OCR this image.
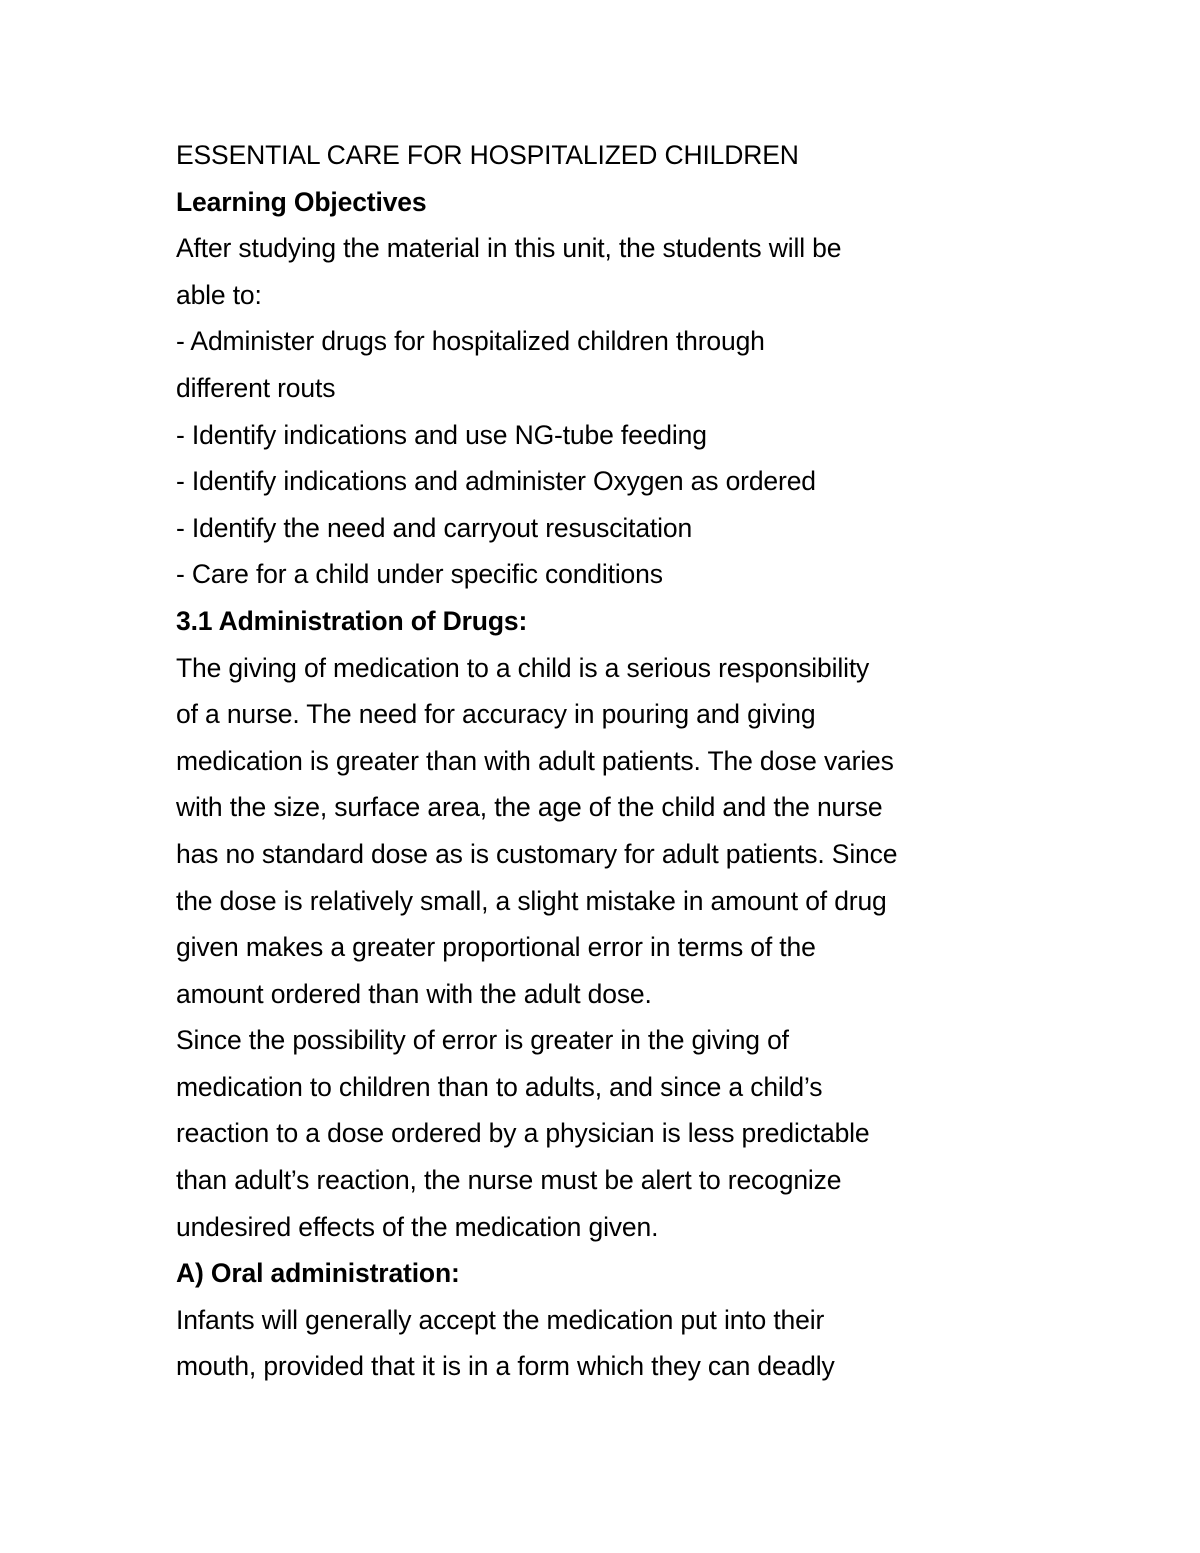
ESSENTIAL CARE FOR HOSPITALIZED CHILDREN

Learning Objectives

After studying the material in this unit, the students will be

able to:

- Administer drugs for hospitalized children through

different routs

- Identify indications and use NG-tube feeding

- Identify indications and administer Oxygen as ordered

- Identify the need and carryout resuscitation

- Care for a child under specific conditions

3.1 Administration of Drugs:

The giving of medication to a child is a serious responsibility

of a nurse. The need for accuracy in pouring and giving

medication is greater than with adult patients. The dose varies

with the size, surface area, the age of the child and the nurse

has no standard dose as is customary for adult patients. Since

the dose is relatively small, a slight mistake in amount of drug

given makes a greater proportional error in terms of the

amount ordered than with the adult dose.

Since the possibility of error is greater in the giving of

medication to children than to adults, and since a child’s

reaction to a dose ordered by a physician is less predictable

than adult’s reaction, the nurse must be alert to recognize

undesired effects of the medication given.

A) Oral administration:

Infants will generally accept the medication put into their

mouth, provided that it is in a form which they can deadly
